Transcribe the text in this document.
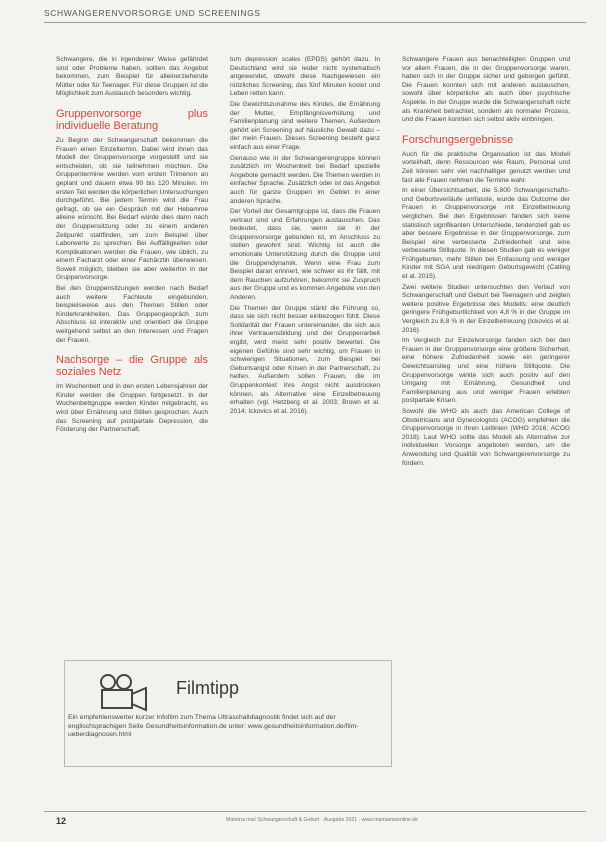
SCHWANGERENVORSORGE UND SCREENINGS

Schwangere, die in irgendeiner Weise gefährdet sind oder Probleme haben, sollten das Angebot bekommen, zum Beispiel für alleinerziehende Mütter oder für Teenager. Für diese Gruppen ist die Möglichkeit zum Austausch besonders wichtig.

Gruppenvorsorge plus individuelle Beratung

Zu Beginn der Schwangerschaft bekommen die Frauen einen Einzeltermin. Dabei wird ihnen das Modell der Gruppenvorsorge vorgestellt und sie entscheiden, ob sie teilnehmen möchten. Die Gruppentermine werden vom ersten Trimenon an geplant und dauern etwa 90 bis 120 Minuten. Im ersten Teil werden die körperlichen Untersuchungen durchgeführt. Bei jedem Termin wird die Frau gefragt, ob sie ein Gespräch mit der Hebamme alleine wünscht. Bei Bedarf würde dies dann nach der Gruppensitzung oder zu einem anderen Zeitpunkt stattfinden, um zum Beispiel über Laborwerte zu sprechen. Bei Auffälligkeiten oder Komplikationen werden die Frauen, wie üblich, zu einem Facharzt oder einer Fachärztin überwiesen. Soweit möglich, bleiben sie aber weiterhin in der Gruppenvorsorge.

Bei den Gruppensitzungen werden nach Bedarf auch weitere Fachleute eingebunden, beispielsweise aus den Themen Stillen oder Kinderkrankheiten. Das Gruppengespräch zum Abschluss ist interaktiv und orientiert die Gruppe weitgehend selbst an den Interessen und Fragen der Frauen.

Nachsorge – die Gruppe als soziales Netz

Im Wochenbett und in den ersten Lebensjahren der Kinder werden die Gruppen fortgesetzt. In der Wochenbettgruppe werden Kinder mitgebracht, es wird über Ernährung und Stillen gesprochen. Auch das Screening auf postpartale Depression, die Förderung der Partnerschaft.

tum depression scales (EPDS) gehört dazu. In Deutschland wird sie leider nicht systematisch angewendet, obwohl diese Nachgewiesen ein nützliches Screening, das fünf Minuten kostet und Leben retten kann.

Die Gewichtszunahme des Kindes, die Ernährung der Mutter, Empfängnisverhütung und Familienplanung sind weitere Themen. Außerdem gehört ein Screening auf häusliche Gewalt dazu – der mein Frauen. Dieses Screening besteht ganz einfach aus einer Frage.

Genauso wie in der Schwangerengruppe können zusätzlich im Wochenbett bei Bedarf spezielle Angebote gemacht werden. Die Themen werden in einfacher Sprache. Zusätzlich oder ist das Angebot auch für ganze Gruppen im Gebiet in einer anderen Sprache.

Der Vorteil der Gesamtgruppe ist, dass die Frauen vertraut sind und Erfahrungen austauschen. Das bedeutet, dass sie, wenn sie in der Gruppenvorsorge gebunden ist, im Anschluss zu stellen gewohnt sind. Wichtig ist auch die emotionale Unterstützung durch die Gruppe und die Gruppendynamik. Wenn eine Frau zum Beispiel daran erinnert, wie schwer es ihr fällt, mit dem Rauchen aufzuhören, bekommt sie Zuspruch aus der Gruppe und es kommen Angebote von den Anderen.

Die Themen der Gruppe stärkt die Führung so, dass sie sich nicht besser einbezogen fühlt. Diese Solidarität der Frauen untereinander, die sich aus ihrer Vertrauensbildung und der Gruppenarbeit ergibt, wird meist sehr positiv bewertet. Die eigenen Gefühle sind sehr wichtig, um Frauen in schwierigen Situationen, zum Beispiel bei Geburtsangst oder Krisen in der Partnerschaft, zu helfen. Außerdem sollen Frauen, die im Gruppenkontext ihre Angst nicht ausdrücken können, als Alternative eine Einzelbetreuung erhalten (vgl. Hetzberg et al. 2003; Brown et al. 2014; Ickovics et al. 2016).

Schwangere Frauen aus benachteiligten Gruppen und vor allem Frauen, die in der Gruppenvorsorge waren, haben sich in der Gruppe sicher und geborgen gefühlt. Die Frauen konnten sich mit anderen austauschen, sowohl über körperliche als auch über psychische Aspekte. In der Gruppe wurde die Schwangerschaft nicht als Krankheit betrachtet, sondern als normaler Prozess, und die Frauen konnten sich selbst aktiv einbringen.

Forschungsergebnisse

Auch für die praktische Organisation ist das Modell vorteilhaft, denn Ressourcen wie Raum, Personal und Zeit können sehr viel nachhaltiger genutzt werden und fast alle Frauen nehmen die Termine wahr.

In einer Übersichtsarbeit, die 5.800 Schwangerschafts- und Geburtsverläufe umfasste, wurde das Outcome der Frauen in Gruppenvorsorge mit Einzelbetreuung verglichen. Bei den Ergebnissen fanden sich keine statistisch signifikanten Unterschiede, tendenziell gab es aber bessere Ergebnisse in der Gruppenvorsorge, zum Beispiel eine verbesserte Zufriedenheit und eine verbesserte Stillquote. In diesen Studien gab es weniger Frühgeburten, mehr Stillen bei Entlassung und weniger Kinder mit SGA und niedrigem Geburtsgewicht (Catling et al. 2015).

Zwei weitere Studien untersuchten den Verlauf von Schwangerschaft und Geburt bei Teenagern und zeigten weitere positive Ergebnisse des Modells: eine deutlich geringere Frühgeburtlichkeit von 4,8 % in der Gruppe im Vergleich zu 8,8 % in der Einzelbetreuung (Ickovics et al. 2016).

Im Vergleich zur Einzelvorsorge fanden sich bei den Frauen in der Gruppenvorsorge eine größere Sicherheit, eine höhere Zufriedenheit sowie ein geringerer Gewichtsanstieg und eine höhere Stillquote. Die Gruppenvorsorge wirkte sich auch positiv auf den Umgang mit Ernährung, Gesundheit und Familienplanung aus und weniger Frauen erlebten postpartale Krisen.

Sowohl die WHO als auch das American College of Obstetricians and Gynecologists (ACOG) empfehlen die Gruppenvorsorge in ihren Leitlinien (WHO 2016; ACOG 2018). Laut WHO sollte das Modell als Alternative zur individuellen Vorsorge angeboten werden, um die Anwendung und Qualität von Schwangerenvorsorge zu fördern.

Filmtipp
Ein empfehlenswerter kurzer Infofilm zum Thema Ultraschalldiagnostik findet sich auf der englischsprachigen Seite Gesundheitsinformation.de unter: www.gesundheitsinformation.de/film-ueberdiagnosen.html
12	Mamma mia! Schwangerschaft & Geburt · Ausgabe 2021 · www.mamamiaonline.de
